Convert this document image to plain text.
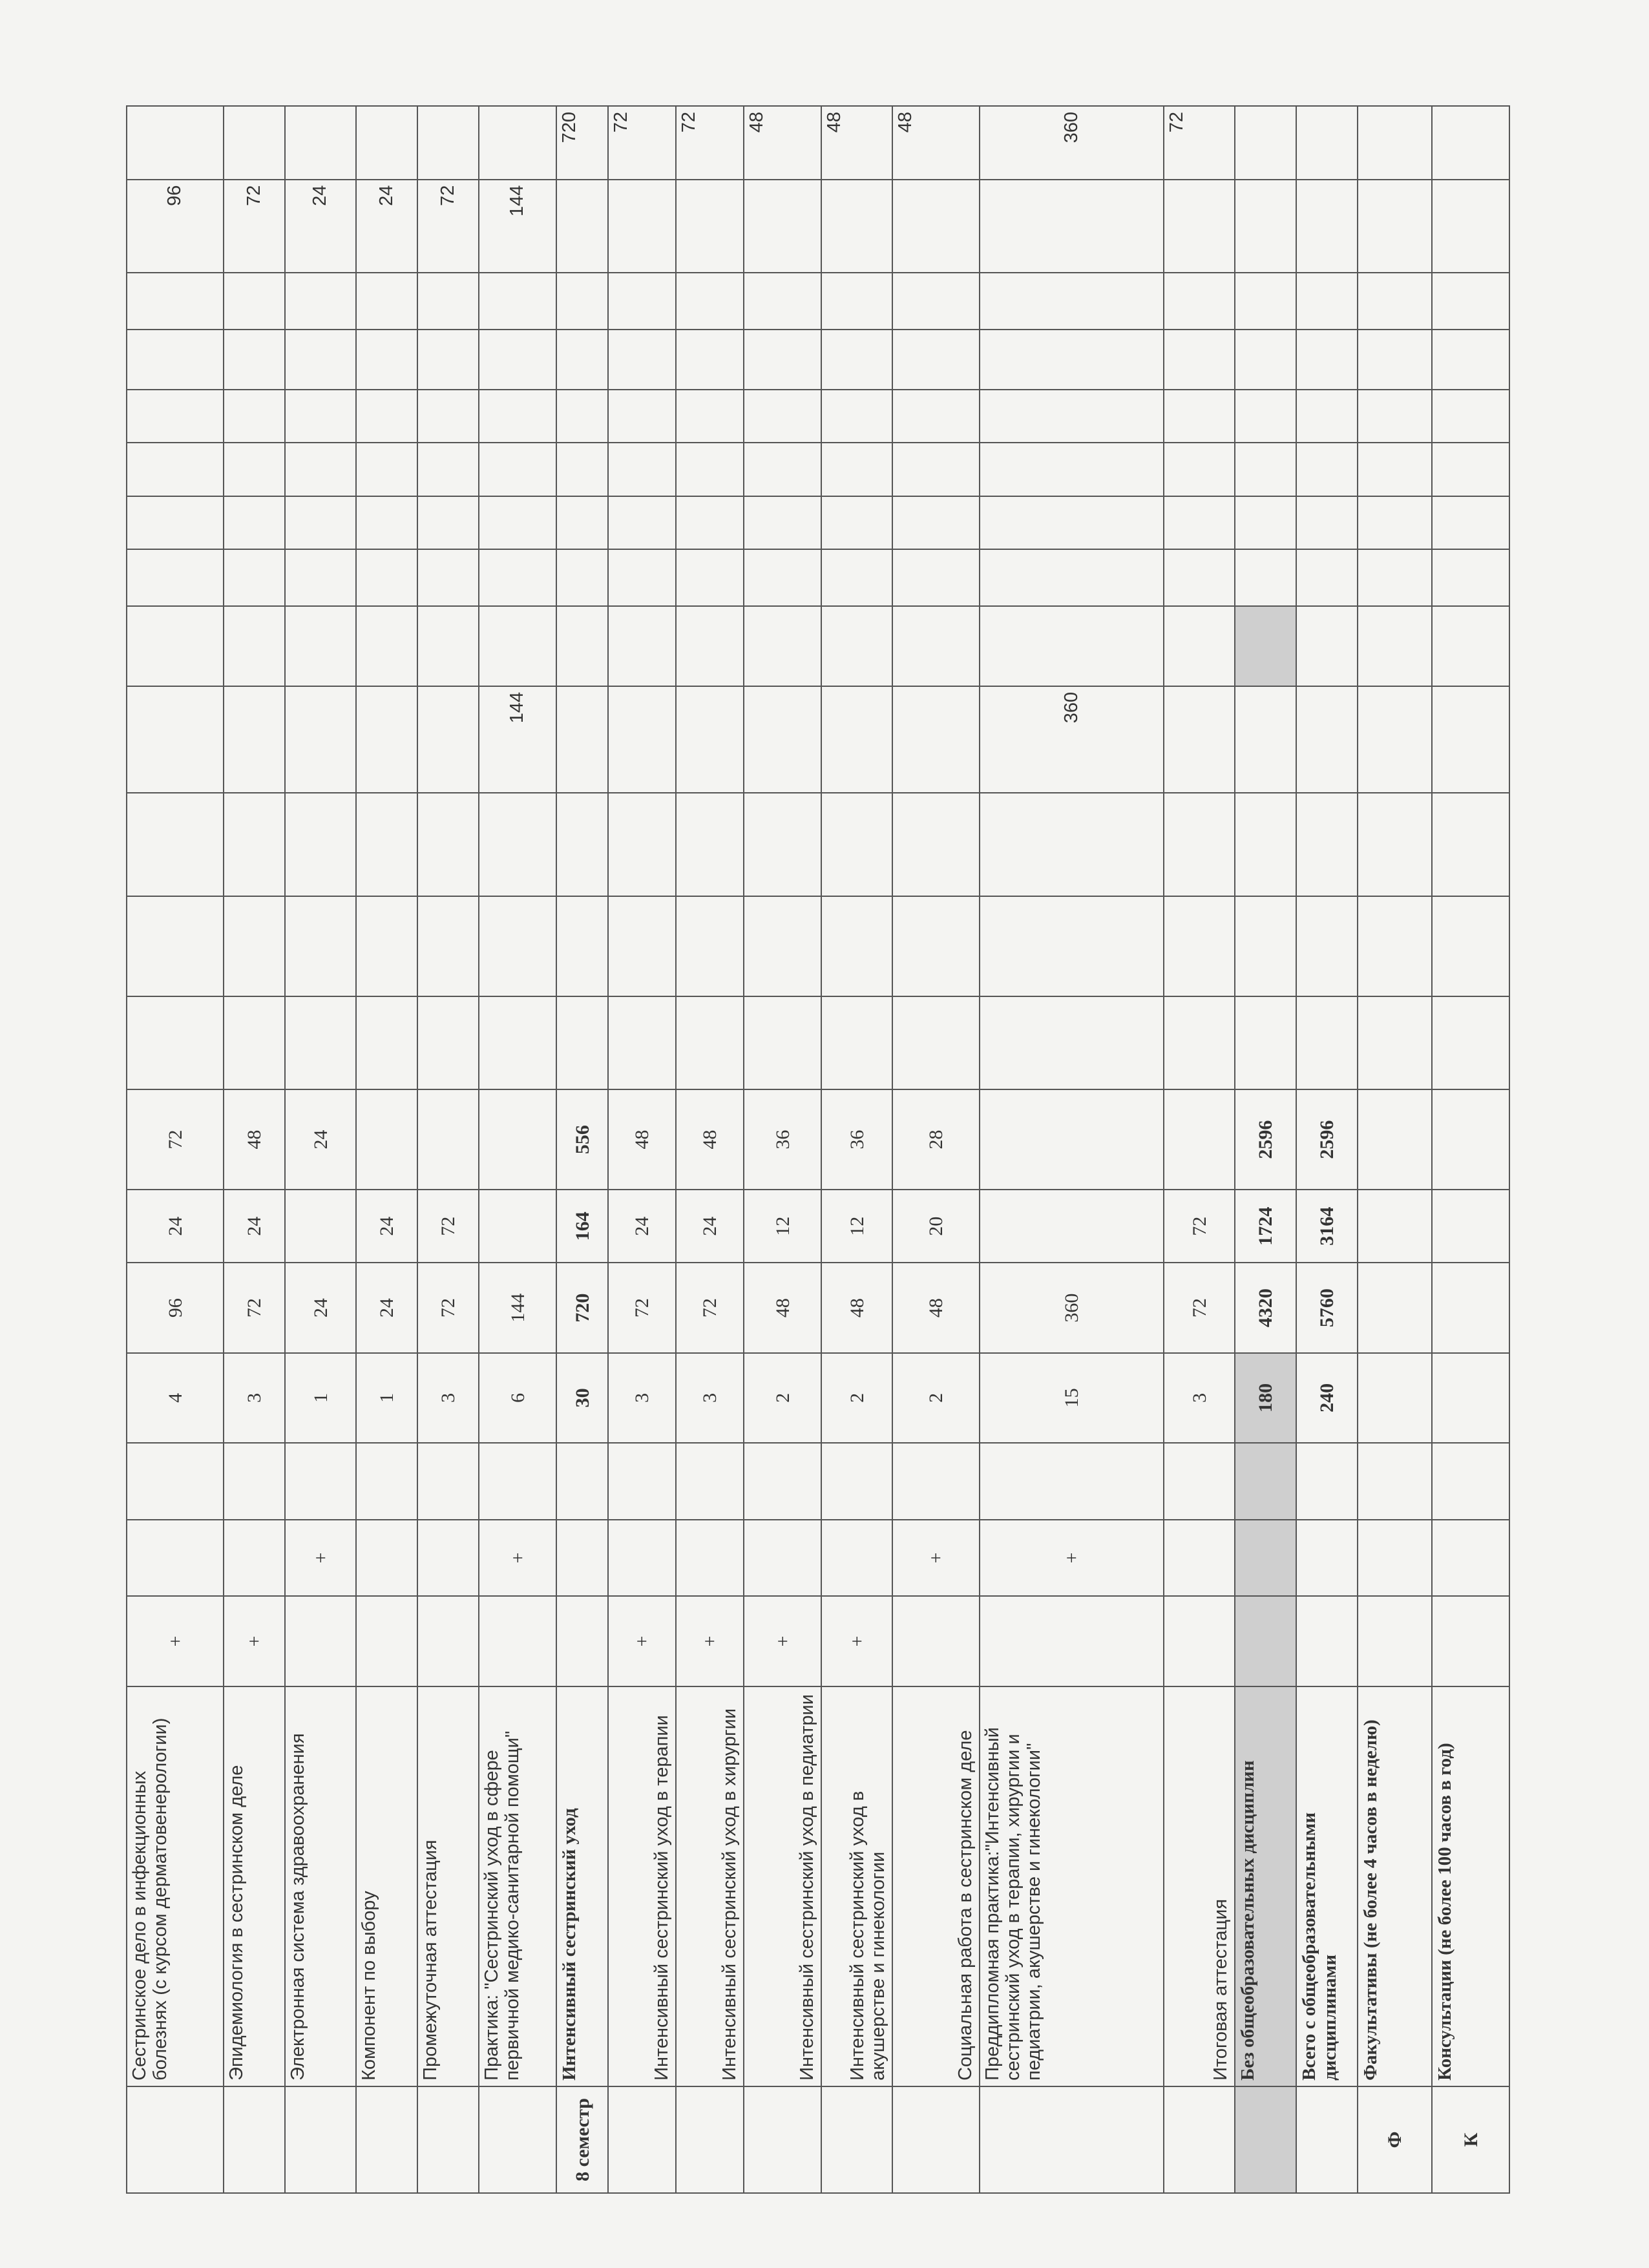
	Сестринское дело в инфекционных болезнях (с курсом дерматовенерологии)	+			4	96	24	72												96	
	Эпидемиология в сестринском деле	+			3	72	24	48												72	
	Электронная система здравоохранения		+		1	24		24												24	
	Компонент по выбору				1	24	24													24	
	Промежуточная аттестация				3	72	72													72	
	Практика: "Сестринский уход в сфере первичной медико-санитарной помощи"		+		6	144						144								144	
8 семестр	Интенсивный сестринский уход				30	720	164	556													720
	Интенсивный сестринский уход в терапии	+			3	72	24	48													72
	Интенсивный сестринский уход в хирургии	+			3	72	24	48													72
	Интенсивный сестринский уход в педиатрии	+			2	48	12	36													48
	Интенсивный сестринский уход в акушерстве и гинекологии	+			2	48	12	36													48
	Социальная работа в сестринском деле		+		2	48	20	28													48
	Преддипломная практика:"Интенсивный сестринский уход в терапии, хирургии и педиатрии, акушерстве и гинекологии"		+		15	360						360									360
	Итоговая аттестация				3	72	72														72
	Без общеобразовательных дисциплин				180	4320	1724	2596													
	Всего с общеобразовательными дисциплинами				240	5760	3164	2596													
Ф	Факультативы (не более 4 часов в неделю)																				
К	Консультации (не более 100 часов в год)																				
